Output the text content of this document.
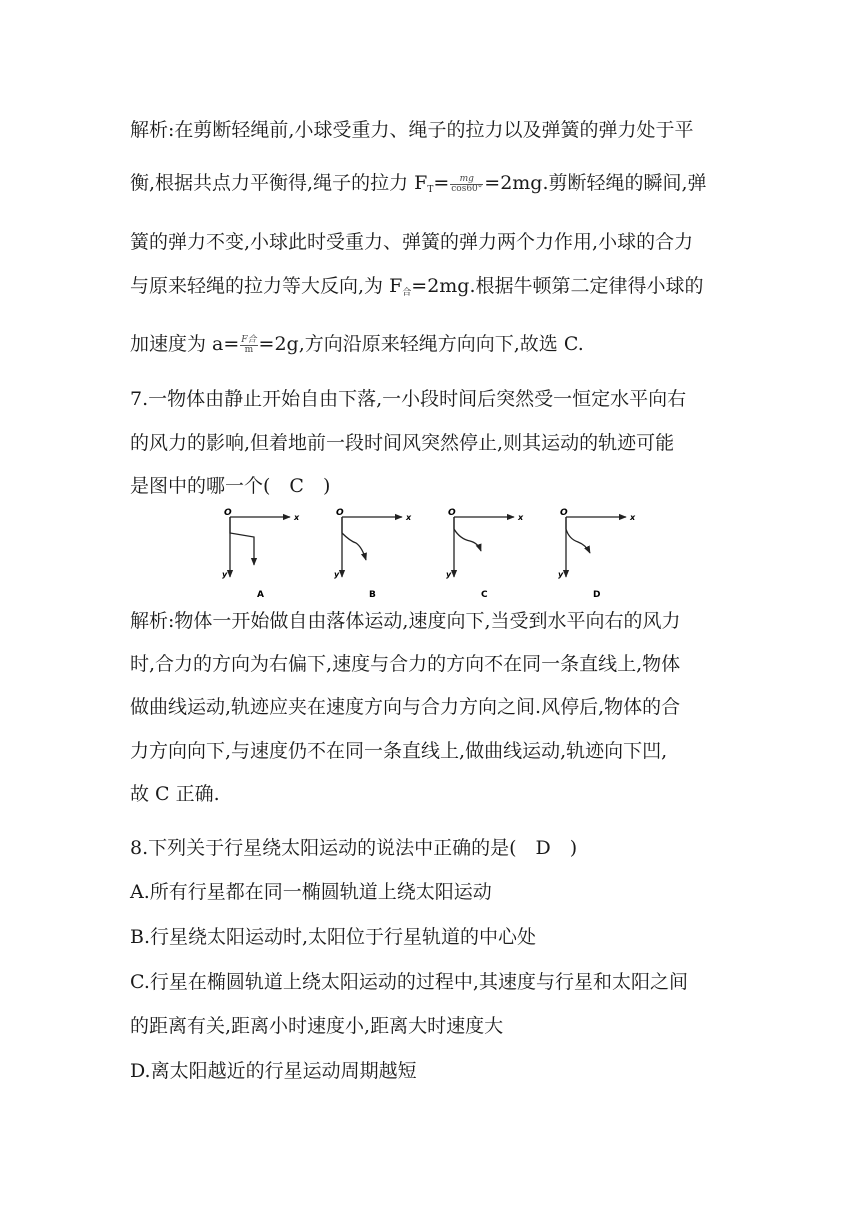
解析:在剪断轻绳前,小球受重力、绳子的拉力以及弹簧的弹力处于平
衡,根据共点力平衡得,绳子的拉力 $F_T= \frac{mg}{\cos 60^\circ} =2mg$.剪断轻绳的瞬间,弹
簧的弹力不变,小球此时受重力、弹簧的弹力两个力作用,小球的合力
与原来轻绳的拉力等大反向,为 $F_合=2mg$.根据牛顿第二定律得小球的
加速度为 $a= \frac{\text{F合}}{m} =2g$,方向沿原来轻绳方向向下,故选 C.
7.一物体由静止开始自由下落,一小段时间后突然受一恒定水平向右
的风力的影响,但着地前一段时间风突然停止,则其运动的轨迹可能
是图中的哪一个(　C　)
O	x
y
A
O	x
y
B
O	x
y
C
O	x
y
D
解析:物体一开始做自由落体运动,速度向下,当受到水平向右的风力
时,合力的方向为右偏下,速度与合力的方向不在同一条直线上,物体
做曲线运动,轨迹应夹在速度方向与合力方向之间.风停后,物体的合
力方向向下,与速度仍不在同一条直线上,做曲线运动,轨迹向下凹,
故 C 正确.
8.下列关于行星绕太阳运动的说法中正确的是(　D　)
A.所有行星都在同一椭圆轨道上绕太阳运动
B.行星绕太阳运动时,太阳位于行星轨道的中心处
C.行星在椭圆轨道上绕太阳运动的过程中,其速度与行星和太阳之间
的距离有关,距离小时速度小,距离大时速度大
D.离太阳越近的行星运动周期越短
